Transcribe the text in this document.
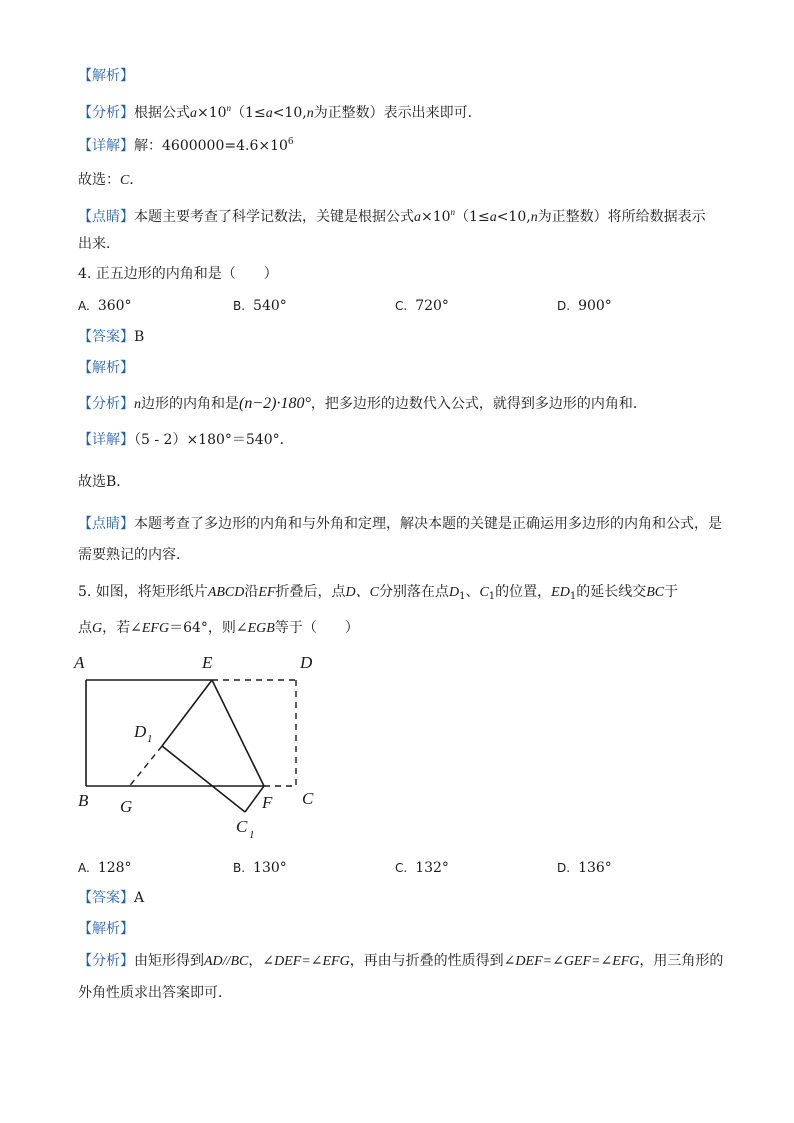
【解析】
【分析】根据公式$a\times 10^n(1\le a<10,n$为正整数）表示出来即可．
【详解】解：$4600000=4.6\times 10^6$
故选：C．
【点睛】本题主要考查了科学记数法，关键是根据公式$a\times 10^n(1\le a<10,n$为正整数）将所给数据表示
出来．
4. 正五边形的内角和是（　　）
A. 360°	B. 540°	C. 720°	D. 900°
【答案】B
【解析】
【分析】n边形的内角和是(n−2)·180°，把多边形的边数代入公式，就得到多边形的内角和．
【详解】（5 - 2）×180°＝540°．
故选B．
【点睛】本题考查了多边形的内角和与外角和定理，解决本题的关键是正确运用多边形的内角和公式，是
需要熟记的内容．
5. 如图，将矩形纸片ABCD沿EF折叠后，点D、C分别落在点$D_1$、$C_1$的位置，$ED_1$的延长线交BC于
点G，若∠EFG＝64°，则∠EGB等于（　　）
A	E	D
D 1
B G	F C
C 1
A. 128°	B. 130°	C. 132°	D. 136°
【答案】A
【解析】
【分析】由矩形得到AD//BC，∠DEF=∠EFG，再由与折叠的性质得到∠DEF=∠GEF=∠EFG，用三角形的
外角性质求出答案即可．
